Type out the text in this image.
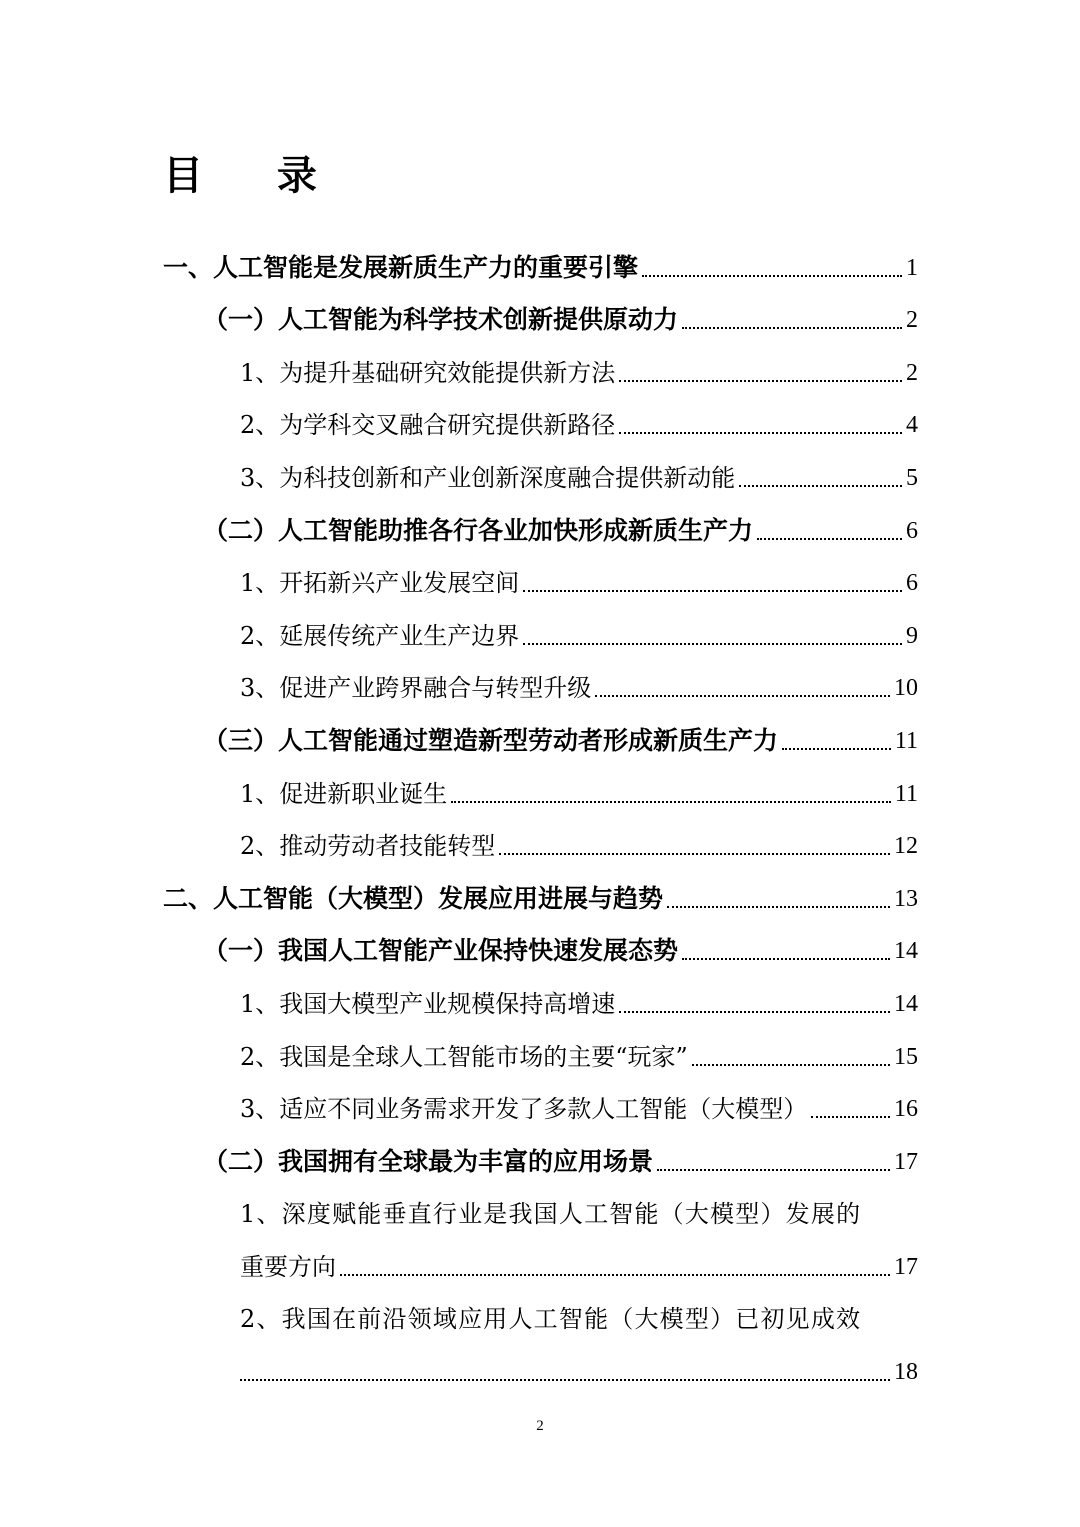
目 录
一、人工智能是发展新质生产力的重要引擎	1
（一）人工智能为科学技术创新提供原动力	2
1、为提升基础研究效能提供新方法	2
2、为学科交叉融合研究提供新路径	4
3、为科技创新和产业创新深度融合提供新动能	5
（二）人工智能助推各行各业加快形成新质生产力	6
1、开拓新兴产业发展空间	6
2、延展传统产业生产边界	9
3、促进产业跨界融合与转型升级	10
（三）人工智能通过塑造新型劳动者形成新质生产力	11
1、促进新职业诞生	11
2、推动劳动者技能转型	12
二、人工智能（大模型）发展应用进展与趋势	13
（一）我国人工智能产业保持快速发展态势	14
1、我国大模型产业规模保持高增速	14
2、我国是全球人工智能市场的主要“玩家”	15
3、适应不同业务需求开发了多款人工智能（大模型）	16
（二）我国拥有全球最为丰富的应用场景	17
1、深度赋能垂直行业是我国人工智能（大模型）发展的
重要方向	17
2、我国在前沿领域应用人工智能（大模型）已初见成效
18
2
